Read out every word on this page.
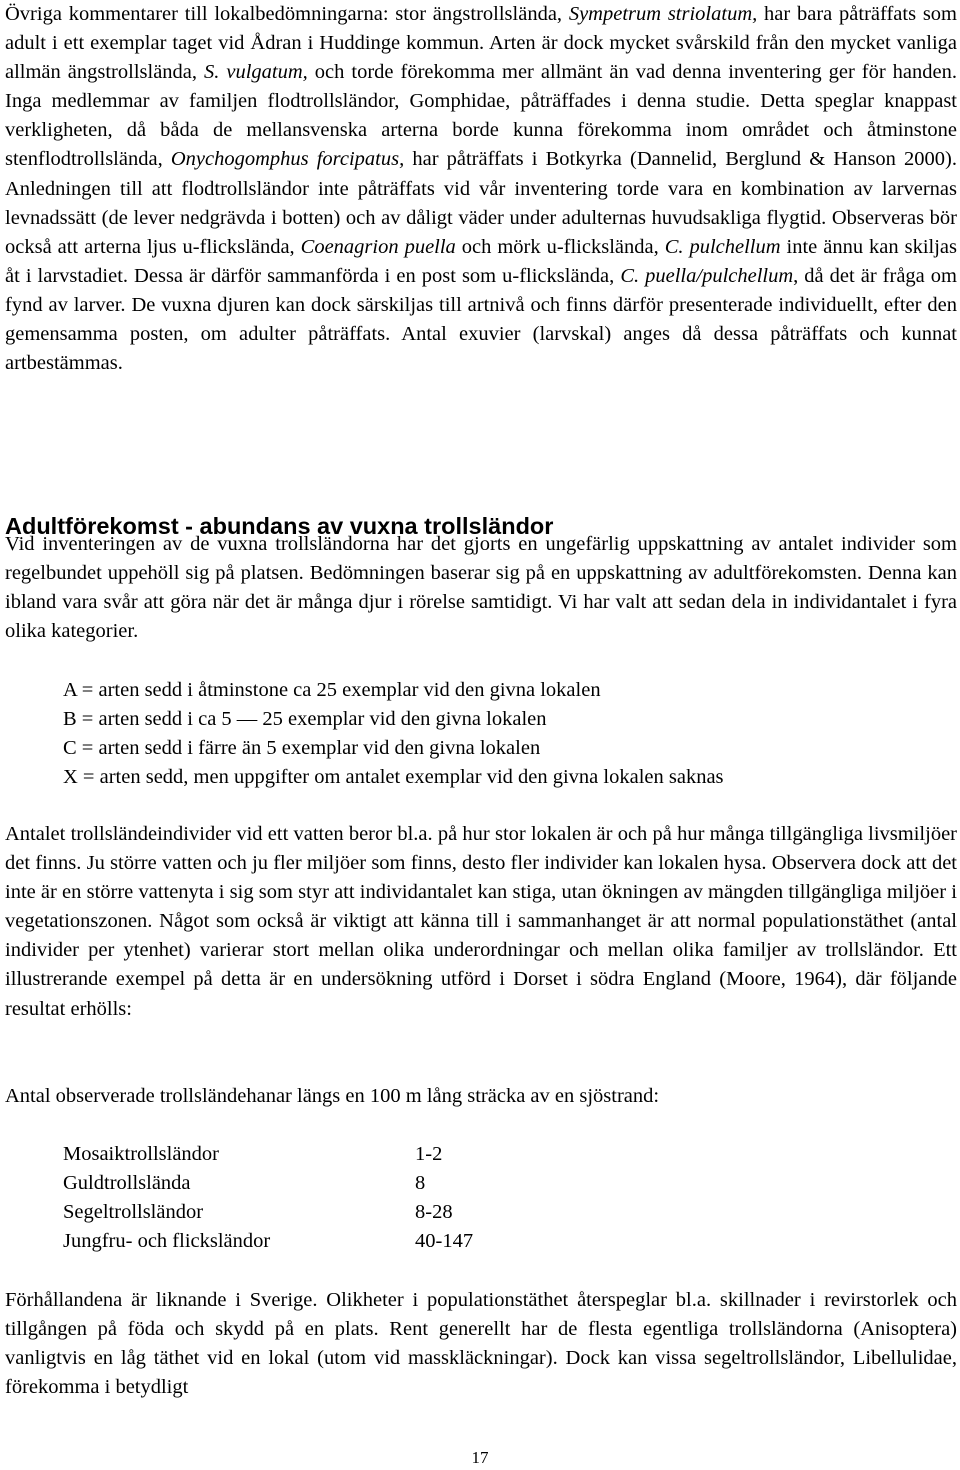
Övriga kommentarer till lokalbedömningarna: stor ängstrollslända, Sympetrum striolatum, har bara påträffats som adult i ett exemplar taget vid Ådran i Huddinge kommun. Arten är dock mycket svårskild från den mycket vanliga allmän ängstrollslända, S. vulgatum, och torde förekomma mer allmänt än vad denna inventering ger för handen. Inga medlemmar av familjen flodtrollsländor, Gomphidae, påträffades i denna studie. Detta speglar knappast verkligheten, då båda de mellansvenska arterna borde kunna förekomma inom området och åtminstone stenflodtrollslända, Onychogomphus forcipatus, har påträffats i Botkyrka (Dannelid, Berglund & Hanson 2000). Anledningen till att flodtrollsländor inte påträffats vid vår inventering torde vara en kombination av larvernas levnadssätt (de lever nedgrävda i botten) och av dåligt väder under adulternas huvudsakliga flygtid. Observeras bör också att arterna ljus u-flickslända, Coenagrion puella och mörk u-flickslända, C. pulchellum inte ännu kan skiljas åt i larvstadiet. Dessa är därför sammanförda i en post som u-flickslända, C. puella/pulchellum, då det är fråga om fynd av larver. De vuxna djuren kan dock särskiljas till artnivå och finns därför presenterade individuellt, efter den gemensamma posten, om adulter påträffats. Antal exuvier (larvskal) anges då dessa påträffats och kunnat artbestämmas.

Adultförekomst - abundans av vuxna trollsländor

Vid inventeringen av de vuxna trollsländorna har det gjorts en ungefärlig uppskattning av antalet individer som regelbundet uppehöll sig på platsen. Bedömningen baserar sig på en uppskattning av adultförekomsten. Denna kan ibland vara svår att göra när det är många djur i rörelse samtidigt. Vi har valt att sedan dela in individantalet i fyra olika kategorier.

A = arten sedd i åtminstone ca 25 exemplar vid den givna lokalen
B = arten sedd i ca 5 — 25 exemplar vid den givna lokalen
C = arten sedd i färre än 5 exemplar vid den givna lokalen
X = arten sedd, men uppgifter om antalet exemplar vid den givna lokalen saknas

Antalet trollsländeindivider vid ett vatten beror bl.a. på hur stor lokalen är och på hur många tillgängliga livsmiljöer det finns. Ju större vatten och ju fler miljöer som finns, desto fler individer kan lokalen hysa. Observera dock att det inte är en större vattenyta i sig som styr att individantalet kan stiga, utan ökningen av mängden tillgängliga miljöer i vegetationszonen. Något som också är viktigt att känna till i sammanhanget är att normal populationstäthet (antal individer per ytenhet) varierar stort mellan olika underordningar och mellan olika familjer av trollsländor. Ett illustrerande exempel på detta är en undersökning utförd i Dorset i södra England (Moore, 1964), där följande resultat erhölls:

Antal observerade trollsländehanar längs en 100 m lång sträcka av en sjöstrand:

Mosaiktrollsländor	1-2
Guldtrollslända	8
Segeltrollsländor	8-28
Jungfru- och flicksländor	40-147

Förhållandena är liknande i Sverige. Olikheter i populationstäthet återspeglar bl.a. skillnader i revirstorlek och tillgången på föda och skydd på en plats. Rent generellt har de flesta egentliga trollsländorna (Anisoptera) vanligtvis en låg täthet vid en lokal (utom vid masskläckningar). Dock kan vissa segeltrollsländor, Libellulidae, förekomma i betydligt

17
